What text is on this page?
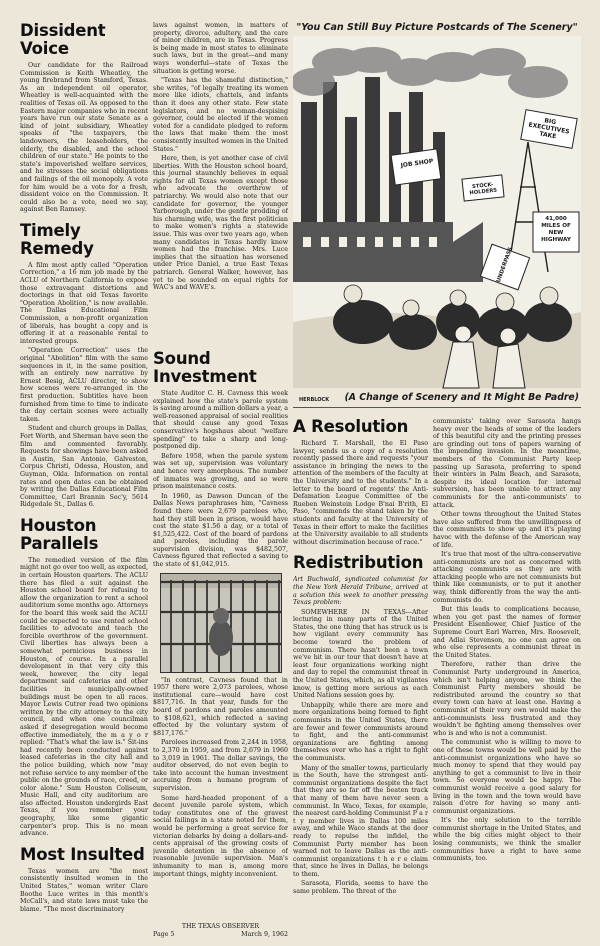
Dissident Voice
Our candidate for the Railroad Commission is Keith Wheatley, the young firebrand from Stamford, Texas. As an independent oil operator, Wheatley is well-acquainted with the realities of Texas oil. As opposed to the Eastern major companies who in recent years have run our state Senate as a kind of joint subsidiary, Wheatley speaks of "the taxpayers, the landowners, the leaseholders, the elderly, the disabled, and the school children of our state." He points to the state's impoverished welfare services, and he stresses the social obligations and failings of the oil monopoly. A vote for him would be a vote for a fresh, dissident voice on the Commission. It could also be a vote, need we say, against Ben Ramsey.
Timely Remedy
A film most aptly called "Operation Correction," a 16 mm job made by the ACLU of Northern California to expose those extravagant distortions and doctorings in that old Texas favorite "Operation Abolition," is now available. The Dallas Educational Film Commission, a non-profit organization of liberals, has bought a copy and is offering it at a reasonable rental to interested groups.
"Operation Correction" uses the original "Abolition" film with the same sequences in it, in the same position, with an entirely new narrative by Ernest Besig, ACLU director, to show how scenes were re-arranged in the first production. Subtitles have been furnished from time to time to indicate the day certain scenes were actually taken.
Student and church groups in Dallas, Fort Worth, and Sherman have seen the film and commented favorably. Requests for showings have been asked in Austin, San Antonio, Galveston, Corpus Christi, Odessa, Houston, and Guyman, Okla. Information on rental rates and open dates can be obtained by writing the Dallas Educational Film Committee, Carl Brannin Sec'y, 5614 Ridgedale St., Dallas 6.
Houston Parallels
The remedied version of the film might not go over too well, as expected, in certain Houston quarters. The ACLU there has filed a suit against the Houston school board for refusing to allow the organization to rent a school auditorium some months ago. Attorneys for the board this week said the ACLU could be expected to use rented school facilities to advocate and teach the forcible overthrow of the government. Civil liberties has always been a somewhat pernicious business in Houston, of course. In a parallel development in that very city this week, however, the city legal department said cafeterias and other facilities in municipally-owned buildings must be open to all races. Mayor Lewis Cutrer read two opinions written by the city attorney to the city council, and when one councilman asked if desegregation would become effective immediately, the m a y o r replied: "That's what the law is." Sit-ins had recently been conducted against leased cafeterias in the city hall and the police building, which now "may not refuse service to any member of the public on the grounds of race, creed, or color alone." Sam Houston Coliseum, Music Hall, and city auditorium are also affected. Houston undergirds East Texas, if you remember your geography, like some gigantic carpenter's prop. This is no mean advance.
Most Insulted
Texas women are "the most consistently insulted women in the United States," woman writer Clare Boothe Luce writes in this month's McCall's, and state laws must take the blame. "The most discriminatory
laws against women, in matters of property, divorce, adultery, and the care of minor children, are in Texas. Progress is being made in most states to eliminate such laws, but in the great—and many ways wonderful—state of Texas the situation is getting worse.
"Texas has the shameful distinction," she writes, "of legally treating its women more like idiots, chattels, and infants than it does any other state. Few state legislators, and no woman-despising governor, could be elected if the women voted for a candidate pledged to reform the laws that make them the most consistently insulted women in the United States."
Here, then, is yet another case of civil liberties. With the Houston school board, this journal staunchly believes in equal rights for all Texas women except those who advocate the overthrow of patriarchy. We would also note that our candidate for governor, the younger Yarborough, under the gentle prodding of his charming wife, was the first politician to make women's rights a statewide issue. This was over two years ago, when many candidates in Texas hardly knew women had the franchise. Mrs. Luce implies that the situation has worsened under Price Daniel, a true East Texas patriarch. General Walker, however, has yet to be sounded on equal rights for WAC's and WAVE's.
Sound Investment
State Auditor C. H. Cavness this week explained how the state's parole system is saving around a million dollars a year, a well-reasoned appraisal of social realities that should cause any good Texas conservative's hogshaus about "welfare spending" to take a sharp and long-postponed dip.
Before 1958, when the parole system was set up, supervision was voluntary and hence very amorphous. The number of inmates was growing, and so were prison maintenance costs.
In 1960, as Dawson Duncan of the Dallas News paraphrases him, "Cavness found there were 2,679 parolees who, had they still been in prison, would have cost the state $1.56 a day, or a total of $1,525,422. Cost of the board of pardons and paroles, including the parole supervision division, was $482,507, Cavness figured that reflected a saving to the state of $1,042,915.
"In contrast, Cavness found that in 1957 there were 2,073 parolees, whose institutional care—would have cost $817,716. In that year, funds for the board of pardons and paroles amounted to $108,621, which reflected a saving effected by the voluntary system of $817,176."
Parolees increased from 2,244 in 1958, to 2,370 in 1959, and from 2,679 in 1960 to 3,019 in 1961. The dollar savings, the auditor observed, do not even begin to take into account the human investment accruing from a humane program of supervision.
Some hard-headed proponent of a decent juvenile parole system, which today constitutes one of the gravest social failings in a state noted for them, would be performing a great service for victorian debarks by doing a dollars-and-cents appraisal of the growing costs of juvenile detention in the absence of reasonable juvenile supervision. Man's inhumanity to man is, among more important things, mighty inconvenient.
"You Can Still Buy Picture Postcards of The Scenery"
JOB SHOP
BIG EXECUTIVES TAKE
41,000 MILES OF NEW HIGHWAY
STOCK-HOLDERS
UNDERPASS
HERBLOCK (A Change of Scenery and It Might Be Padre)
A Resolution
Richard T. Marshall, the El Paso lawyer, sends us a copy of a resolution recently passed there and requests "your assistance in bringing the news to the attention of the members of the faculty at the University and to the students." In a letter to the board of regents' the Anti-Defamation League Committee of the Rueben Weinstein Lodge B'nai B'rith, El Paso, "commends the stand taken by the students and faculty at the University of Texas in their effort to make the facilities at the University available to all students without discrimination because of race."
Redistribution
Art Buchwald, syndicated columnist for the New York Herald Tribune, arrived at a solution this week to another pressing Texas problem:
SOMEWHERE IN TEXAS—After lecturing in many parts of the United States, the one thing that has struck us is how vigilant every community has become toward the problem of communism. There hasn't been a town we've hit in our tour that doesn't have at least four organizations working night and day to repel the communist threat in the United States, which, as all vigilantes know, is getting more serious as each United Nations session goes by.
Unhappily, while there are more and more organizations being formed to fight communists in the United States, there are fewer and fewer communists around to fight, and the anti-communist organizations are fighting among themselves over who has a right to fight the communists.
Many of the smaller towns, particularly in the South, have the strongest anti-communist organizations despite the fact that they are so far off the beaten track that many of them have never seen a communist. In Waco, Texas, for example, the nearest card-holding Communist P a r t y member lives in Dallas 100 miles away, and while Waco stands at the door ready to repulse the infidel, the Communist Party member has been warned not to leave Dallas as the anti-communist organizations t h e r e claim that, since he lives in Dallas, he belongs to them.
Sarasota, Florida, seems to have the same problem. The threat of the
communists' taking over Sarasota hangs heavy over the heads of some of the leaders of this beautiful city and the printing presses are grinding out tons of papers warning of the impending invasion. In the meantime, members of the Communist Party keep passing up Sarasota, preferring to spend their winters in Palm Beach, and Sarasota, despite its ideal location for internal subversion, has been unable to attract any communists for the anti-communists' to attack.
Other towns throughout the United States have also suffered from the unwillingness of the communists to show up and it's playing havoc with the defense of the American way of life.
It's true that most of the ultra-conservative anti-communists are not as concerned with attacking communists as they are with attacking people who are not communists but think like communists, or to put it another way, think differently from the way the anti-communists do.
But this leads to complications because, when you get past the names of former President Eisenhower, Chief Justice of the Supreme Court Earl Warren, Mrs. Roosevelt, and Adlai Stevenson, no one can agree on who else represents a communist threat in the United States.
Therefore, rather than drive the Communist Party underground in America, which isn't helping anyone, we think the Communist Party members should be redistributed around the country so that every town can have at least one. Having a communist of their very own would make the anti-communists less frustrated and they wouldn't be fighting among themselves over who is and who is not a communist.
The communist who is willing to move to one of these towns would be well paid by the anti-communist organizations who have so much money to spend that they would pay anything to get a communist to live in their town. So everyone would be happy. The communist would receive a good salary for living in the town and the town would have raison d'etre for having so many anti-communist organizations.
It's the only solution to the terrible communist shortage in the United States, and while the big cities might object to their losing communists, we think the smaller communities have a right to have some communists, too.
THE TEXAS OBSERVER
Page 5	March 9, 1962
